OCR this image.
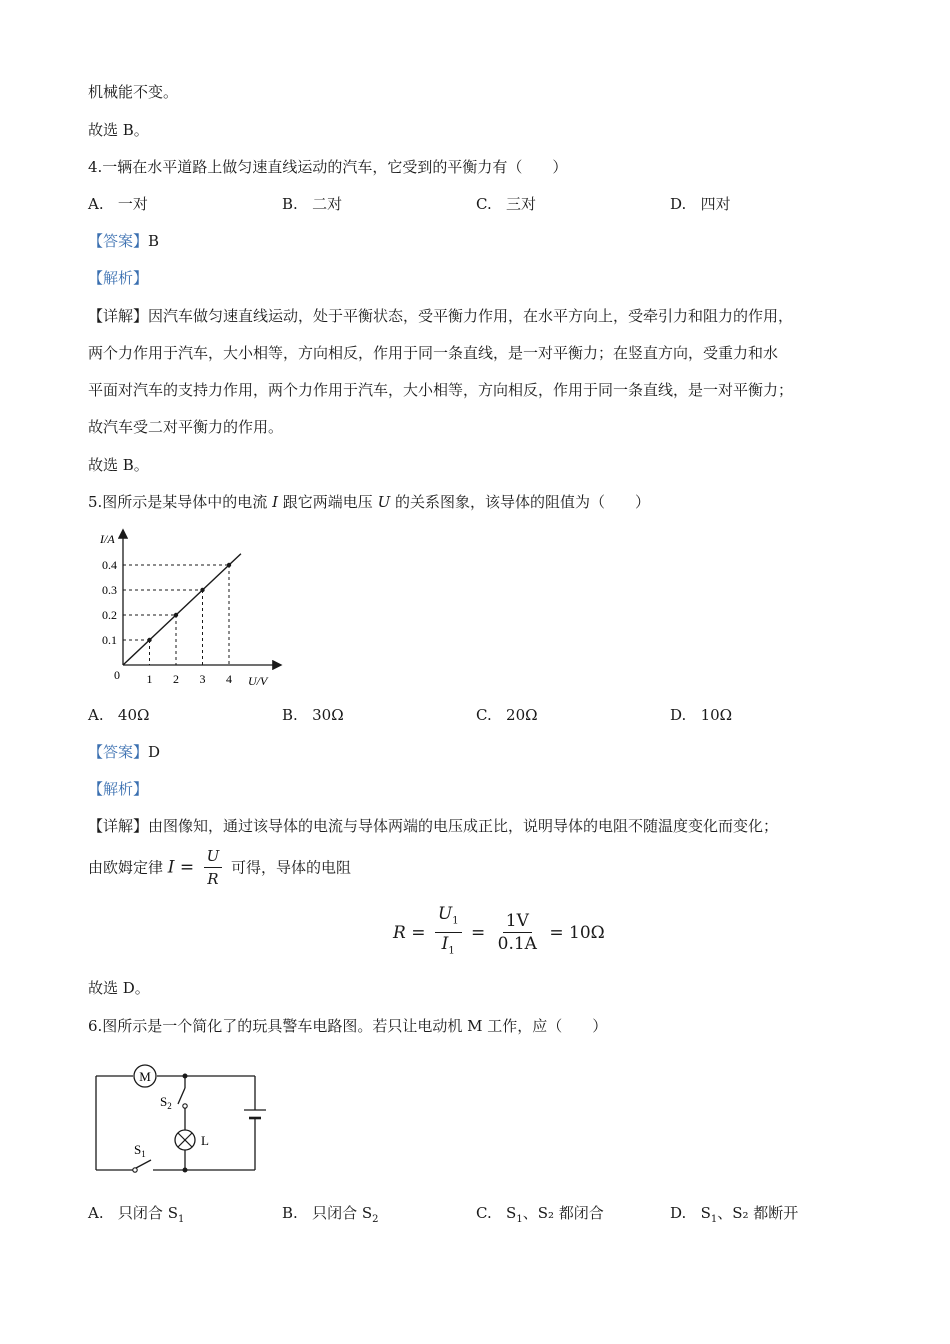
机械能不变。
故选 B。
4.一辆在水平道路上做匀速直线运动的汽车，它受到的平衡力有（　　）
A. 一对	B. 二对	C. 三对	D. 四对
【答案】B
【解析】
【详解】因汽车做匀速直线运动，处于平衡状态，受平衡力作用，在水平方向上，受牵引力和阻力的作用，
两个力作用于汽车，大小相等，方向相反，作用于同一条直线，是一对平衡力；在竖直方向，受重力和水
平面对汽车的支持力作用，两个力作用于汽车，大小相等，方向相反，作用于同一条直线，是一对平衡力；
故汽车受二对平衡力的作用。
故选 B。
5.图所示是某导体中的电流 I 跟它两端电压 U 的关系图象，该导体的阻值为（　　）
1 2 3 4
0.1
0.2
0.3
0.4
I/A
U/V
0
A. 40Ω	B. 30Ω	C. 20Ω	D. 10Ω
【答案】D
【解析】
【详解】由图像知，通过该导体的电流与导体两端的电压成正比，说明导体的电阻不随温度变化而变化；
由欧姆定律 $I = \frac{U}{R}$ 可得，导体的电阻
$R = \frac{U_1}{I_1} = \frac{1V}{0.1A} = 10\Omega$
故选 D。
6.图所示是一个简化了的玩具警车电路图。若只让电动机 M 工作，应（　　）
M
$S_2$
L
$S_1$
A. 只闭合 $S_1$	B. 只闭合 $S_2$	C. $S_1$、S₂ 都闭合	D. $S_1$、S₂ 都断开
